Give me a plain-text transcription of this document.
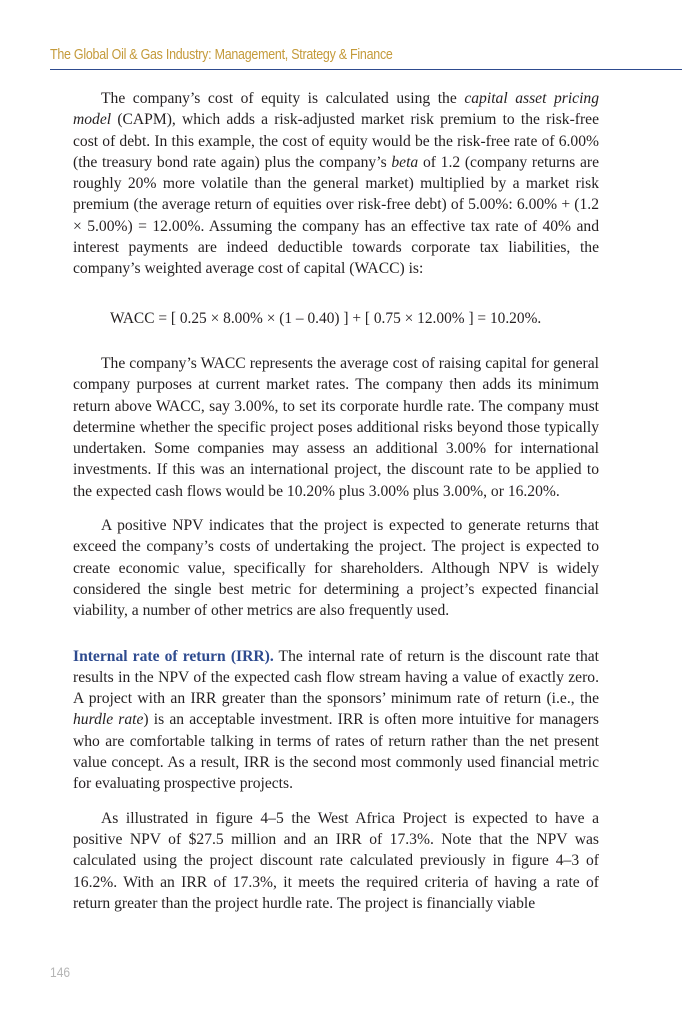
The Global Oil & Gas Industry: Management, Strategy & Finance

The company’s cost of equity is calculated using the capital asset pricing model (CAPM), which adds a risk-adjusted market risk premium to the risk-free cost of debt. In this example, the cost of equity would be the risk-free rate of 6.00% (the treasury bond rate again) plus the company’s beta of 1.2 (company returns are roughly 20% more volatile than the general market) multiplied by a market risk premium (the average return of equities over risk-free debt) of 5.00%: 6.00% + (1.2 × 5.00%) = 12.00%. Assuming the company has an effective tax rate of 40% and interest payments are indeed deductible towards corporate tax liabilities, the company’s weighted average cost of capital (WACC) is:

WACC = [ 0.25 × 8.00% × (1 – 0.40) ] + [ 0.75 × 12.00% ] = 10.20%.

The company’s WACC represents the average cost of raising capital for general company purposes at current market rates. The company then adds its minimum return above WACC, say 3.00%, to set its corporate hurdle rate. The company must determine whether the specific project poses additional risks beyond those typically undertaken. Some companies may assess an additional 3.00% for international investments. If this was an international project, the discount rate to be applied to the expected cash flows would be 10.20% plus 3.00% plus 3.00%, or 16.20%.

A positive NPV indicates that the project is expected to generate returns that exceed the company’s costs of undertaking the project. The project is expected to create economic value, specifically for shareholders. Although NPV is widely considered the single best metric for determining a project’s expected financial viability, a number of other metrics are also frequently used.

Internal rate of return (IRR). The internal rate of return is the discount rate that results in the NPV of the expected cash flow stream having a value of exactly zero. A project with an IRR greater than the sponsors’ minimum rate of return (i.e., the hurdle rate) is an acceptable investment. IRR is often more intuitive for managers who are comfortable talking in terms of rates of return rather than the net present value concept. As a result, IRR is the second most commonly used financial metric for evaluating prospective projects.

As illustrated in figure 4–5 the West Africa Project is expected to have a positive NPV of $27.5 million and an IRR of 17.3%. Note that the NPV was calculated using the project discount rate calculated previously in figure 4–3 of 16.2%. With an IRR of 17.3%, it meets the required criteria of having a rate of return greater than the project hurdle rate. The project is financially viable

146
